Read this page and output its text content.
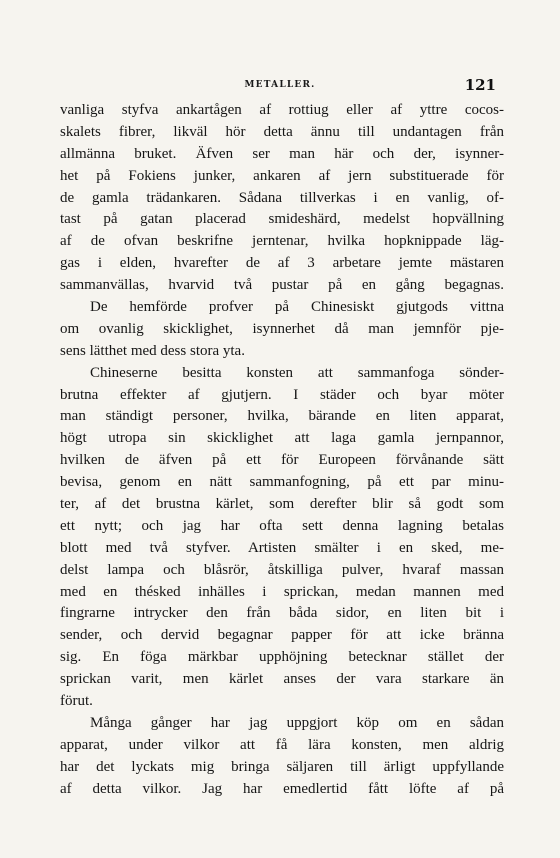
METALLER.	121
vanliga styfva ankartågen af rottiug eller af yttre cocos-
skalets fibrer, likväl hör detta ännu till undantagen från
allmänna bruket. Äfven ser man här och der, isynner-
het på Fokiens junker, ankaren af jern substituerade för
de gamla trädankaren. Sådana tillverkas i en vanlig, of-
tast på gatan placerad smideshärd, medelst hopvällning
af de ofvan beskrifne jerntenar, hvilka hopknippade läg-
gas i elden, hvarefter de af 3 arbetare jemte mästaren
sammanvällas, hvarvid två pustar på en gång begagnas.
De hemförde profver på Chinesiskt gjutgods vittna
om ovanlig skicklighet, isynnerhet då man jemnför pje-
sens lätthet med dess stora yta.
Chineserne besitta konsten att sammanfoga sönder-
brutna effekter af gjutjern. I städer och byar möter
man ständigt personer, hvilka, bärande en liten apparat,
högt utropa sin skicklighet att laga gamla jernpannor,
hvilken de äfven på ett för Europeen förvånande sätt
bevisa, genom en nätt sammanfogning, på ett par minu-
ter, af det brustna kärlet, som derefter blir så godt som
ett nytt; och jag har ofta sett denna lagning betalas
blott med två styfver. Artisten smälter i en sked, me-
delst lampa och blåsrör, åtskilliga pulver, hvaraf massan
med en thésked inhälles i sprickan, medan mannen med
fingrarne intrycker den från båda sidor, en liten bit i
sender, och dervid begagnar papper för att icke bränna
sig. En föga märkbar upphöjning betecknar stället der
sprickan varit, men kärlet anses der vara starkare än
förut.
Många gånger har jag uppgjort köp om en sådan
apparat, under vilkor att få lära konsten, men aldrig
har det lyckats mig bringa säljaren till ärligt uppfyllande
af detta vilkor. Jag har emedlertid fått löfte af på
